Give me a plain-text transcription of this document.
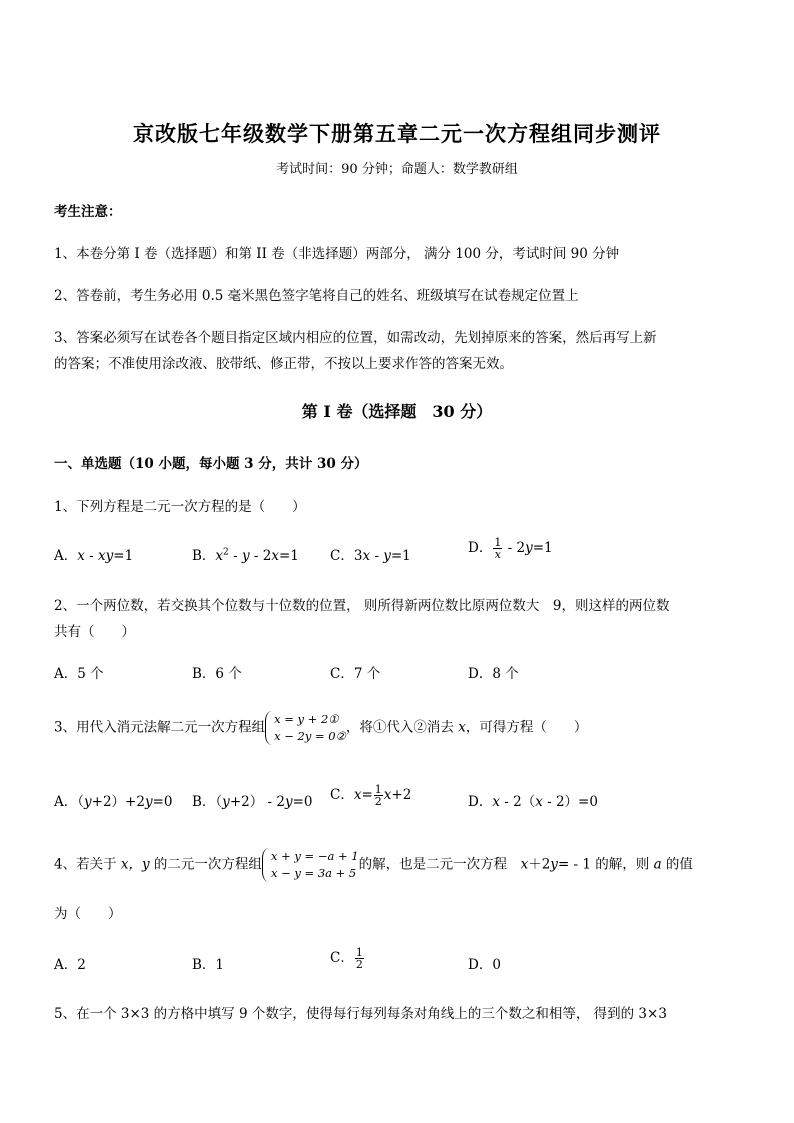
京改版七年级数学下册第五章二元一次方程组同步测评
考试时间：90 分钟；命题人：数学教研组
考生注意：
1、本卷分第 I 卷（选择题）和第 II 卷（非选择题）两部分， 满分 100 分，考试时间 90 分钟
2、答卷前，考生务必用 0.5 毫米黑色签字笔将自己的姓名、班级填写在试卷规定位置上
3、答案必须写在试卷各个题目指定区域内相应的位置，如需改动，先划掉原来的答案，然后再写上新
的答案；不准使用涂改液、胶带纸、修正带，不按以上要求作答的答案无效。
第 I 卷（选择题　30 分）
一、单选题（10 小题，每小题 3 分，共计 30 分）
1、下列方程是二元一次方程的是（　　）
A．x - xy=1	B．$x^2 - y - 2x=1$ C．3x - y=1	D． $\frac{1}{x} - 2y=1$
2、一个两位数，若交换其个位数与十位数的位置， 则所得新两位数比原两位数大　9，则这样的两位数
共有（　　）
A．5 个	B．6 个	C．7 个	D．8 个
3、用代入消元法解二元一次方程组
x = y + 2①
x − 2y = 0②
，将①代入②消去 x，可得方程（　　）
A．（y+2）+2y=0 B．（y+2） - 2y=0 C．$x= \frac{1}{2} x+2$	D．x - 2（x - 2）=0
4、若关于 x，y 的二元一次方程组
x + y = −a + 1
x − y = 3a + 5
的解，也是二元一次方程　x＋2y= - 1 的解，则 a 的值
为（　　）
A．2	B．1	C． $\frac{1}{2}$	D．0
5、在一个 3×3 的方格中填写 9 个数字，使得每行每列每条对角线上的三个数之和相等， 得到的 3×3
